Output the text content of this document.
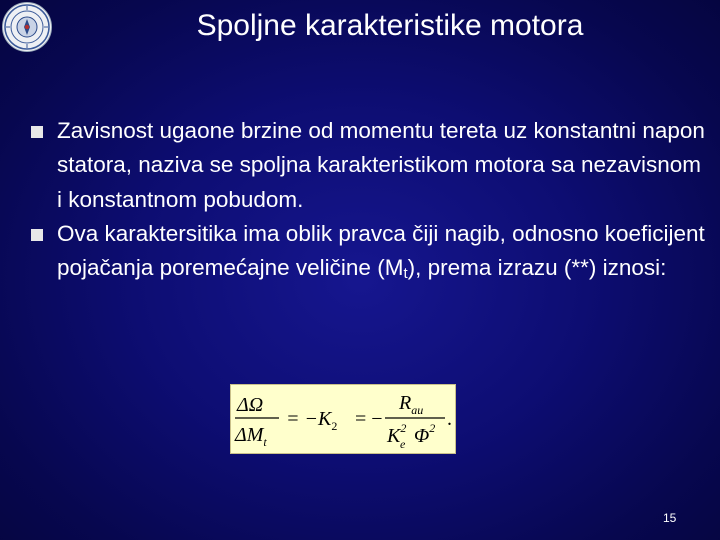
Spoljne karakteristike motora
Zavisnost ugaone brzine od momentu tereta uz konstantni napon statora, naziva se spoljna karakteristikom motora sa nezavisnom i konstantnom pobudom.
Ova karaktersitika ima oblik pravca čiji nagib, odnosno koeficijent pojačanja poremećajne veličine $(M_t)$, prema izrazu (**) iznosi:
ΔΩ
$\Delta M_t$
= $-K_2$ = −
$R_{au}$
$K^2$
e $\Phi^2$ .
15
